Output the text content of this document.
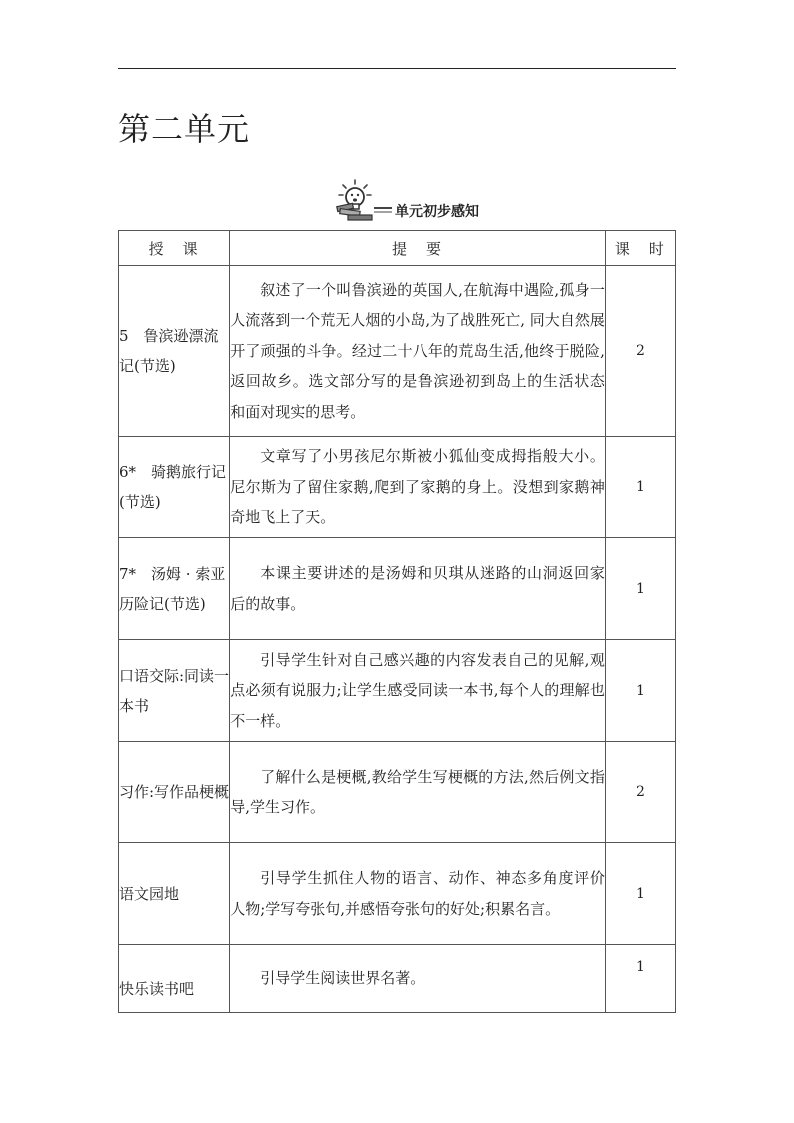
第二单元

单元初步感知

授　课	提　要	课　时
5　鲁滨逊漂流记(节选)	叙述了一个叫鲁滨逊的英国人,在航海中遇险,孤身一人流落到一个荒无人烟的小岛,为了战胜死亡, 同大自然展开了顽强的斗争。经过二十八年的荒岛生活,他终于脱险,返回故乡。选文部分写的是鲁滨逊初到岛上的生活状态和面对现实的思考。	2
6*　骑鹅旅行记(节选)	文章写了小男孩尼尔斯被小狐仙变成拇指般大小。尼尔斯为了留住家鹅,爬到了家鹅的身上。没想到家鹅神奇地飞上了天。	1
7*　汤姆 · 索亚历险记(节选)	本课主要讲述的是汤姆和贝琪从迷路的山洞返回家后的故事。	1
口语交际:同读一本书	引导学生针对自己感兴趣的内容发表自己的见解,观点必须有说服力;让学生感受同读一本书,每个人的理解也不一样。	1
习作:写作品梗概	了解什么是梗概,教给学生写梗概的方法,然后例文指导,学生习作。	2
语文园地	引导学生抓住人物的语言、动作、神态多角度评价人物;学写夸张句,并感悟夸张句的好处;积累名言。	1
快乐读书吧	引导学生阅读世界名著。	1
